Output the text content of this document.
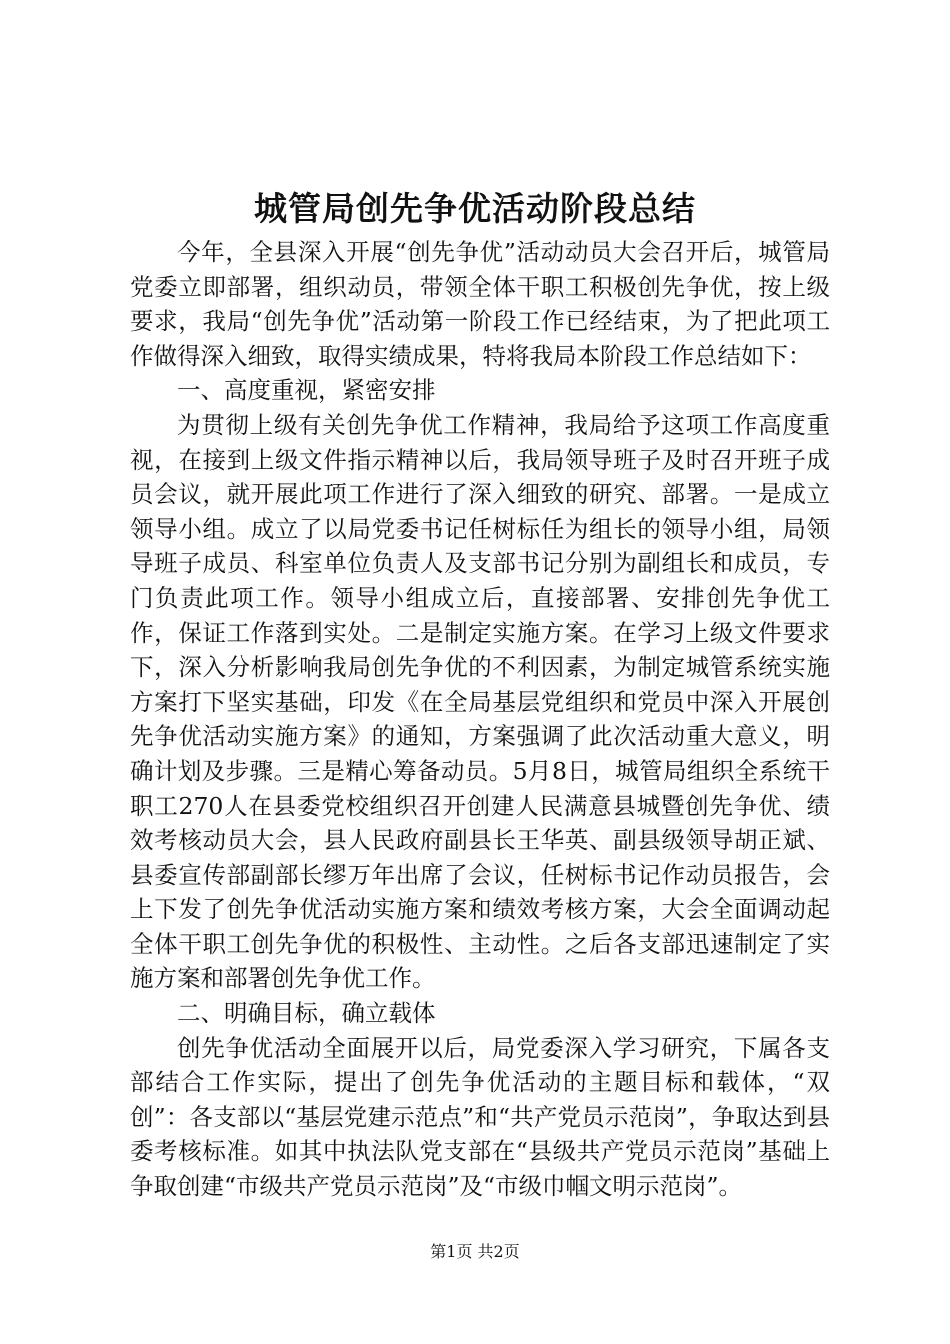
城管局创先争优活动阶段总结

今年，全县深入开展“创先争优”活动动员大会召开后，城管局党委立即部署，组织动员，带领全体干职工积极创先争优，按上级要求，我局“创先争优”活动第一阶段工作已经结束，为了把此项工作做得深入细致，取得实绩成果，特将我局本阶段工作总结如下：

一、高度重视，紧密安排

为贯彻上级有关创先争优工作精神，我局给予这项工作高度重视，在接到上级文件指示精神以后，我局领导班子及时召开班子成员会议，就开展此项工作进行了深入细致的研究、部署。一是成立领导小组。成立了以局党委书记任树标任为组长的领导小组，局领导班子成员、科室单位负责人及支部书记分别为副组长和成员，专门负责此项工作。领导小组成立后，直接部署、安排创先争优工作，保证工作落到实处。二是制定实施方案。在学习上级文件要求下，深入分析影响我局创先争优的不利因素，为制定城管系统实施方案打下坚实基础，印发《在全局基层党组织和党员中深入开展创先争优活动实施方案》的通知，方案强调了此次活动重大意义，明确计划及步骤。三是精心筹备动员。5月8日，城管局组织全系统干职工270人在县委党校组织召开创建人民满意县城暨创先争优、绩效考核动员大会，县人民政府副县长王华英、副县级领导胡正斌、县委宣传部副部长缪万年出席了会议，任树标书记作动员报告，会上下发了创先争优活动实施方案和绩效考核方案，大会全面调动起全体干职工创先争优的积极性、主动性。之后各支部迅速制定了实施方案和部署创先争优工作。

二、明确目标，确立载体

创先争优活动全面展开以后，局党委深入学习研究，下属各支部结合工作实际，提出了创先争优活动的主题目标和载体，“双创”：各支部以“基层党建示范点”和“共产党员示范岗”，争取达到县委考核标准。如其中执法队党支部在“县级共产党员示范岗”基础上争取创建“市级共产党员示范岗”及“市级巾帼文明示范岗”。

第1页 共2页
